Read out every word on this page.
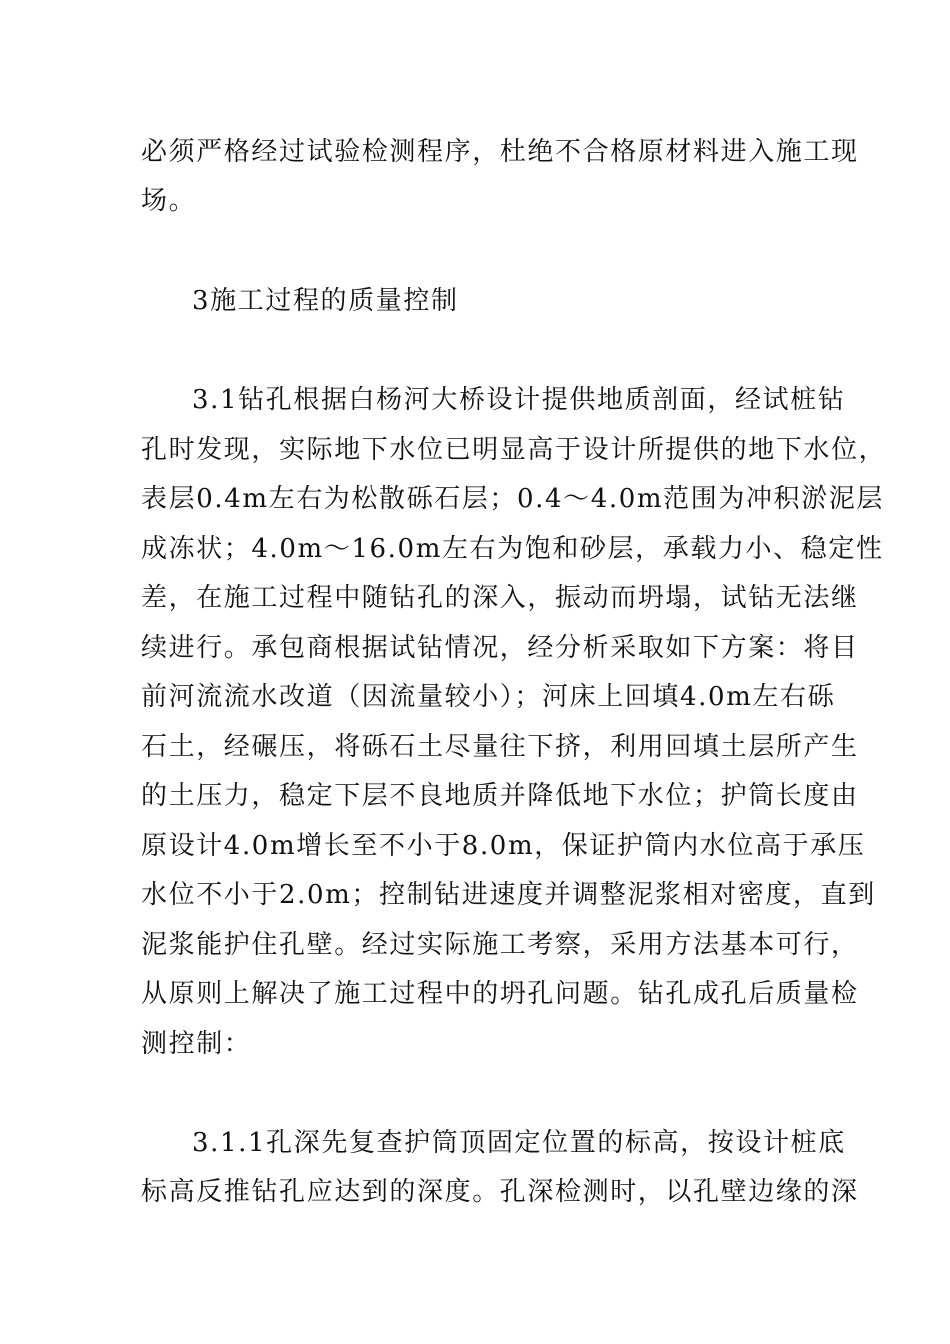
必须严格经过试验检测程序，杜绝不合格原材料进入施工现
场。
3施工过程的质量控制
3.1钻孔根据白杨河大桥设计提供地质剖面，经试桩钻
孔时发现，实际地下水位已明显高于设计所提供的地下水位，
表层0.4m左右为松散砾石层；0.4～4.0m范围为冲积淤泥层
成冻状；4.0m～16.0m左右为饱和砂层，承载力小、稳定性
差，在施工过程中随钻孔的深入，振动而坍塌，试钻无法继
续进行。承包商根据试钻情况，经分析采取如下方案：将目
前河流流水改道（因流量较小）；河床上回填4.0m左右砾
石土，经碾压，将砾石土尽量往下挤，利用回填土层所产生
的土压力，稳定下层不良地质并降低地下水位；护筒长度由
原设计4.0m增长至不小于8.0m，保证护筒内水位高于承压
水位不小于2.0m；控制钻进速度并调整泥浆相对密度，直到
泥浆能护住孔壁。经过实际施工考察，采用方法基本可行，
从原则上解决了施工过程中的坍孔问题。钻孔成孔后质量检
测控制：
3.1.1孔深先复查护筒顶固定位置的标高，按设计桩底
标高反推钻孔应达到的深度。孔深检测时，以孔壁边缘的深
